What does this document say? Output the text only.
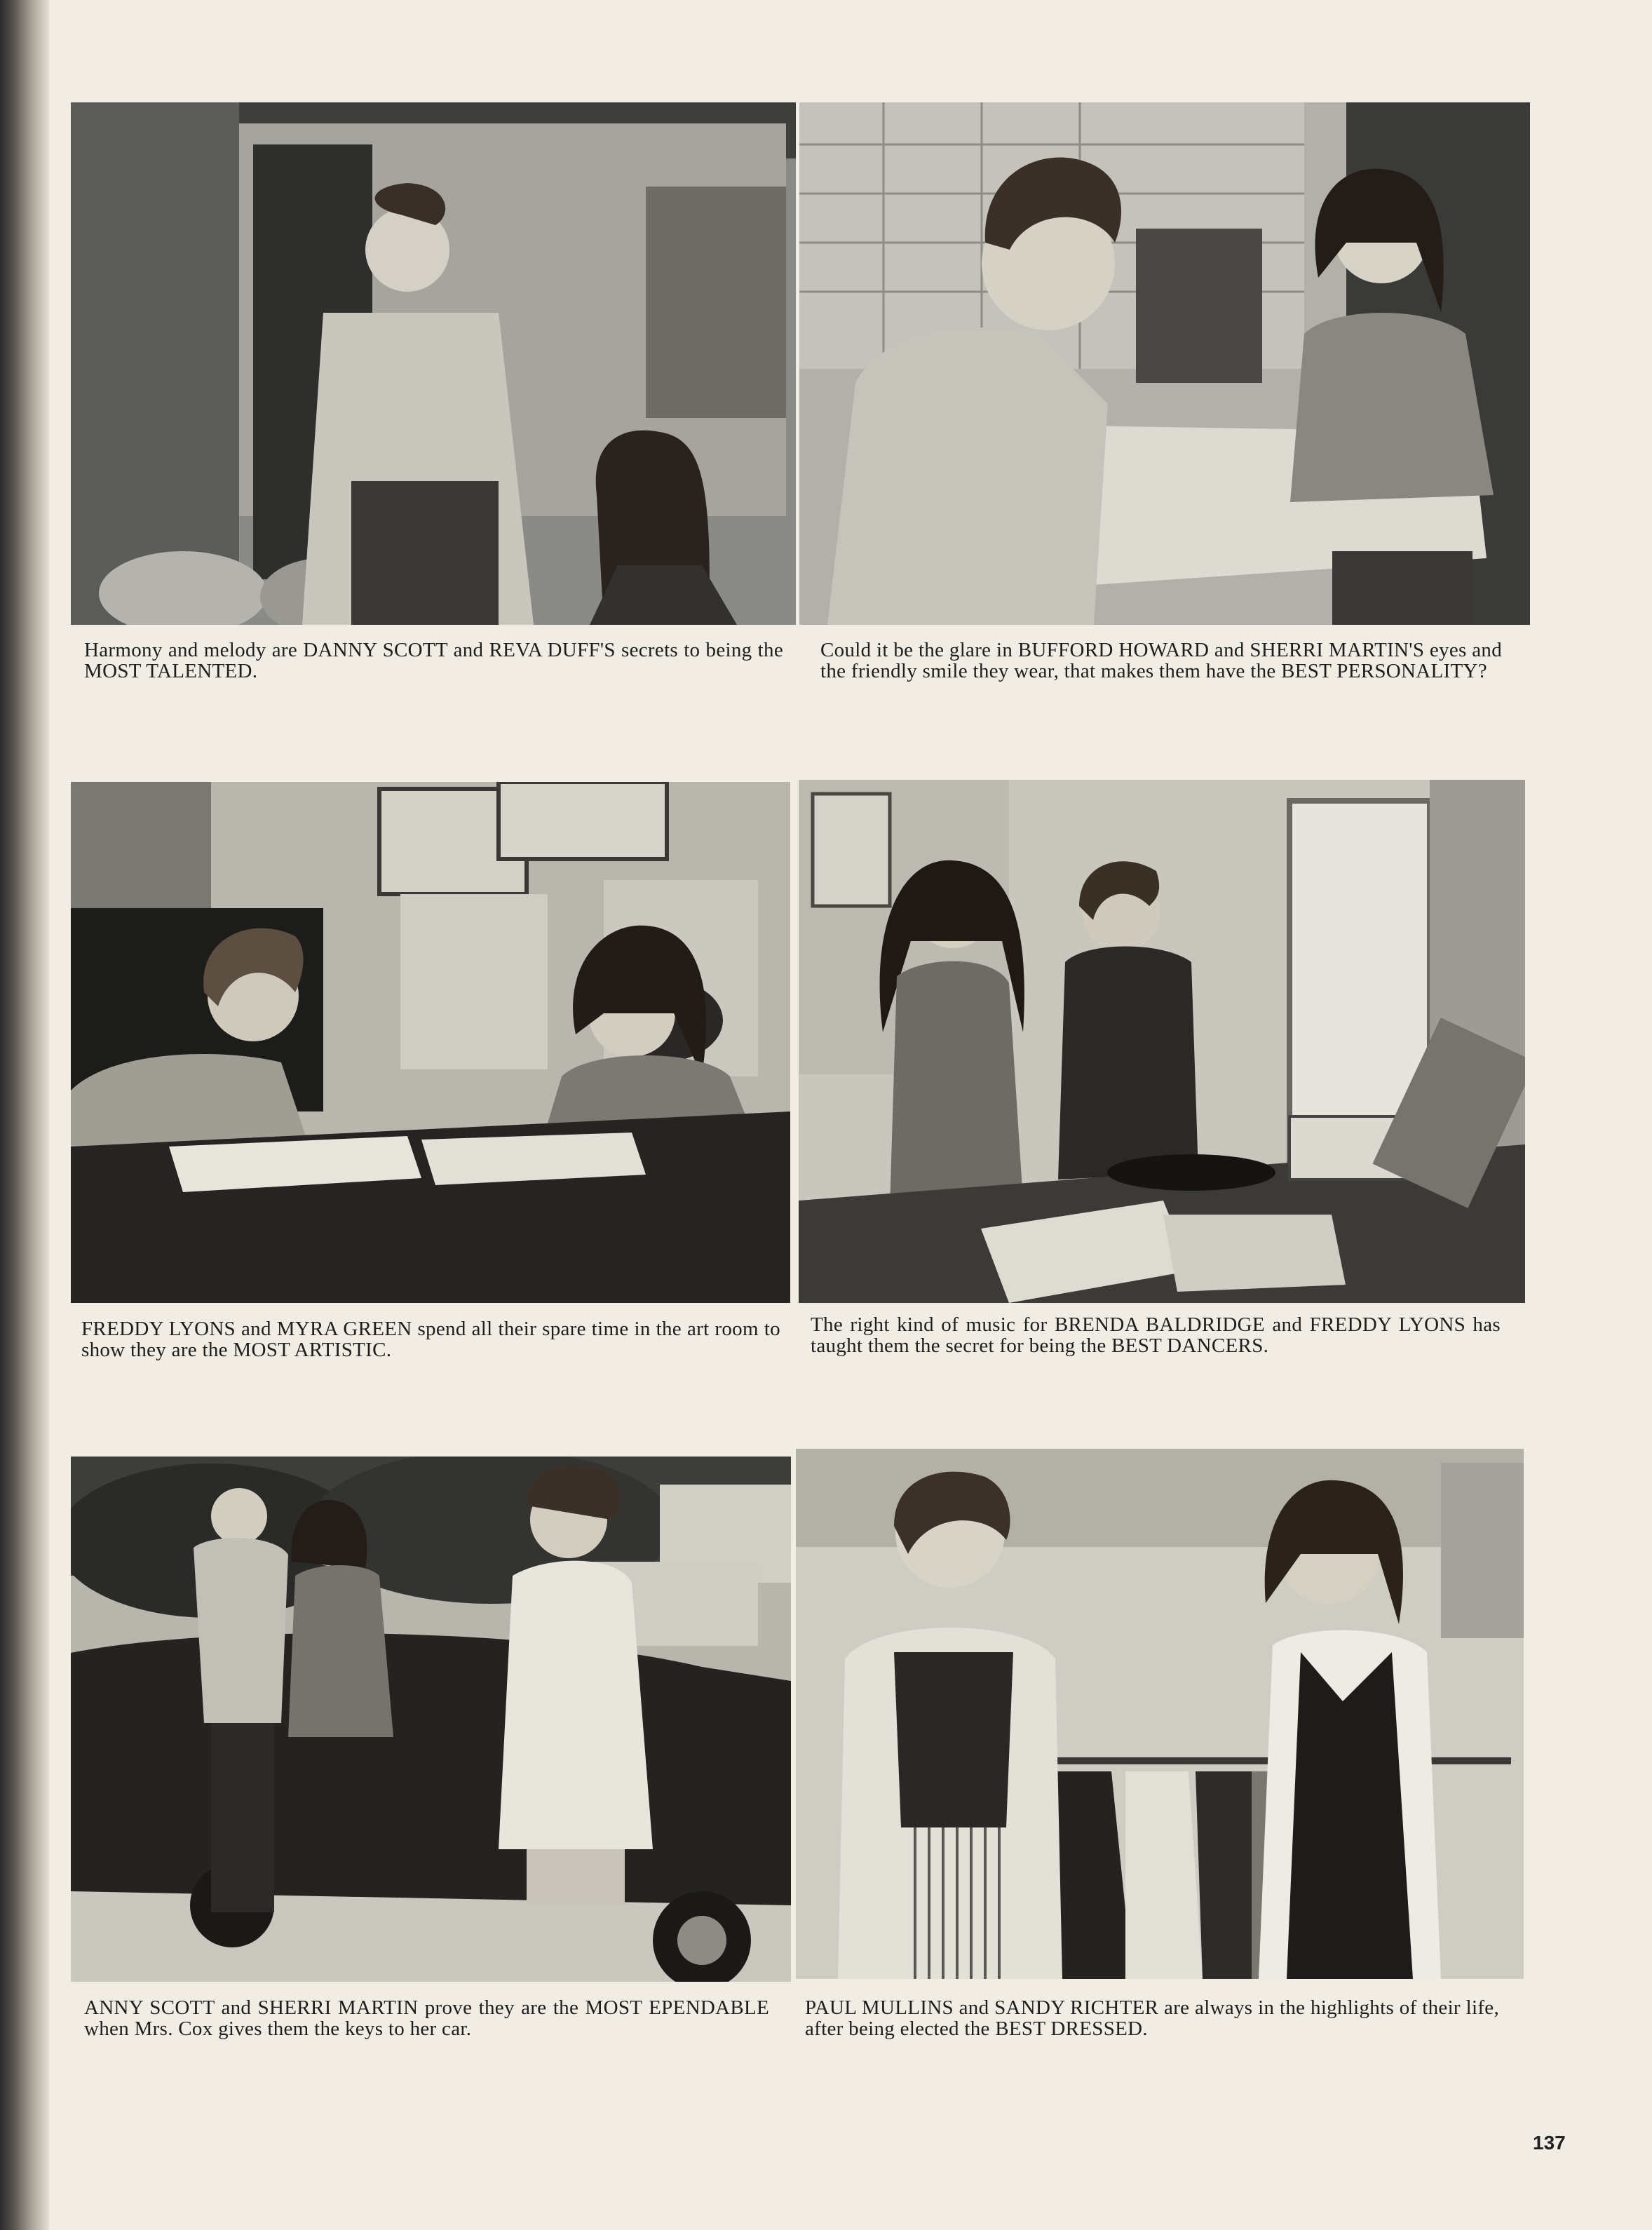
Harmony and melody are DANNY SCOTT and REVA DUFF'S secrets to being the MOST TALENTED.
Could it be the glare in BUFFORD HOWARD and SHERRI MARTIN'S eyes and the friendly smile they wear, that makes them have the BEST PERSONALITY?
FREDDY LYONS and MYRA GREEN spend all their spare time in the art room to show they are the MOST ARTISTIC.
The right kind of music for BRENDA BALDRIDGE and FREDDY LYONS has taught them the secret for being the BEST DANCERS.
ANNY SCOTT and SHERRI MARTIN prove they are the MOST EPENDABLE when Mrs. Cox gives them the keys to her car.
PAUL MULLINS and SANDY RICHTER are always in the highlights of their life, after being elected the BEST DRESSED.
137
